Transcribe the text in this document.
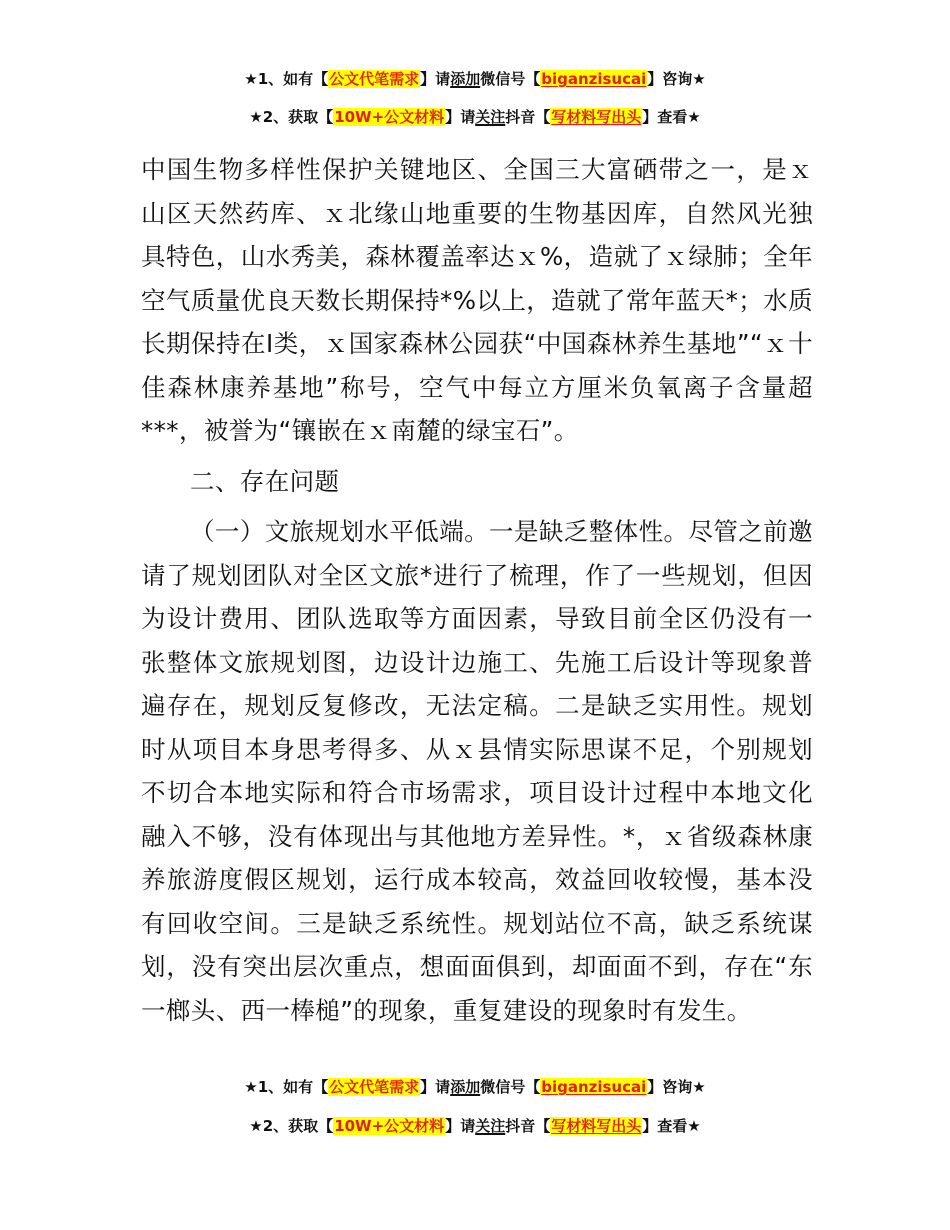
★1、如有【公文代笔需求】请添加微信号【biganzisucai】咨询★
★2、获取【10W+公文材料】请关注抖音【写材料写出头】查看★

中国生物多样性保护关键地区、全国三大富硒带之一，是ｘ山区天然药库、ｘ北缘山地重要的生物基因库，自然风光独具特色，山水秀美，森林覆盖率达ｘ%，造就了ｘ绿肺；全年空气质量优良天数长期保持*%以上，造就了常年蓝天*；水质长期保持在Ⅰ类，ｘ国家森林公园获“中国森林养生基地”“ｘ十佳森林康养基地”称号，空气中每立方厘米负氧离子含量超***，被誉为“镶嵌在ｘ南麓的绿宝石”。

二、存在问题

（一）文旅规划水平低端。一是缺乏整体性。尽管之前邀请了规划团队对全区文旅*进行了梳理，作了一些规划，但因为设计费用、团队选取等方面因素，导致目前全区仍没有一张整体文旅规划图，边设计边施工、先施工后设计等现象普遍存在，规划反复修改，无法定稿。二是缺乏实用性。规划时从项目本身思考得多、从ｘ县情实际思谋不足，个别规划不切合本地实际和符合市场需求，项目设计过程中本地文化融入不够，没有体现出与其他地方差异性。*，ｘ省级森林康养旅游度假区规划，运行成本较高，效益回收较慢，基本没有回收空间。三是缺乏系统性。规划站位不高，缺乏系统谋划，没有突出层次重点，想面面俱到，却面面不到，存在“东一榔头、西一棒槌”的现象，重复建设的现象时有发生。

★1、如有【公文代笔需求】请添加微信号【biganzisucai】咨询★
★2、获取【10W+公文材料】请关注抖音【写材料写出头】查看★
